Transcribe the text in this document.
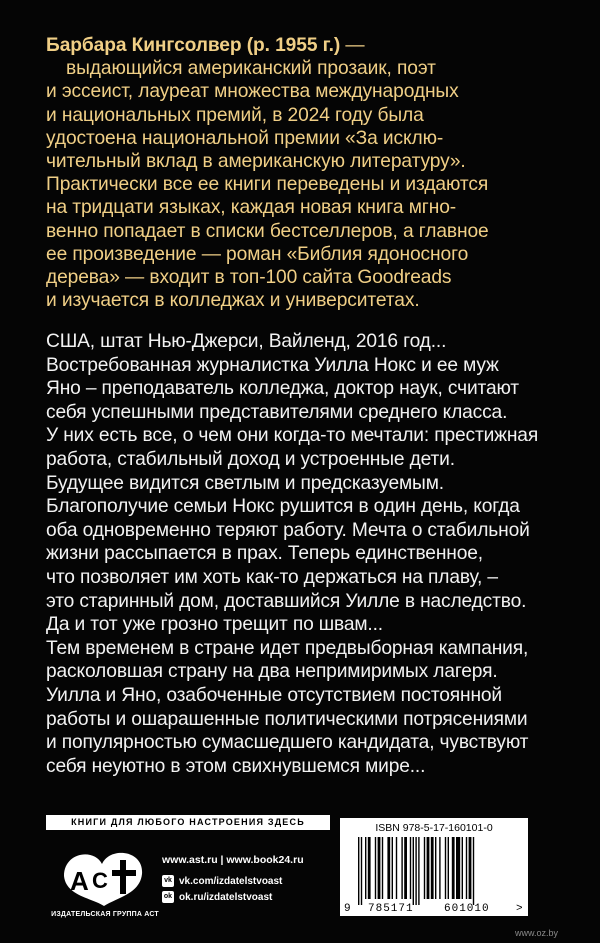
Барбара Кингсолвер (р. 1955 г.) —
выдающийся американский прозаик, поэт
и эссеист, лауреат множества международных
и национальных премий, в 2024 году была
удостоена национальной премии «За исклю-
чительный вклад в американскую литературу».
Практически все ее книги переведены и издаются
на тридцати языках, каждая новая книга мгно-
венно попадает в списки бестселлеров, а главное
ее произведение — роман «Библия ядоносного
дерева» — входит в топ-100 сайта Goodreads
и изучается в колледжах и университетах.
США, штат Нью-Джерси, Вайленд, 2016 год...
Востребованная журналистка Уилла Нокс и ее муж
Яно – преподаватель колледжа, доктор наук, считают
себя успешными представителями среднего класса.
У них есть все, о чем они когда-то мечтали: престижная
работа, стабильный доход и устроенные дети.
Будущее видится светлым и предсказуемым.
Благополучие семьи Нокс рушится в один день, когда
оба одновременно теряют работу. Мечта о стабильной
жизни рассыпается в прах. Теперь единственное,
что позволяет им хоть как-то держаться на плаву, –
это старинный дом, доставшийся Уилле в наследство.
Да и тот уже грозно трещит по швам...
Тем временем в стране идет предвыборная кампания,
расколовшая страну на два непримиримых лагеря.
Уилла и Яно, озабоченные отсутствием постоянной
работы и ошарашенные политическими потрясениями
и популярностью сумасшедшего кандидата, чувствуют
себя неуютно в этом свихнувшемся мире...
КНИГИ ДЛЯ ЛЮБОГО НАСТРОЕНИЯ ЗДЕСЬ
A C
ИЗДАТЕЛЬСКАЯ ГРУППА АСТ
www.ast.ru | www.book24.ru
vk vk.com/izdatelstvoast
ok ok.ru/izdatelstvoast
ISBN 978-5-17-160101-0
9 785171	601010 >
www.oz.by
